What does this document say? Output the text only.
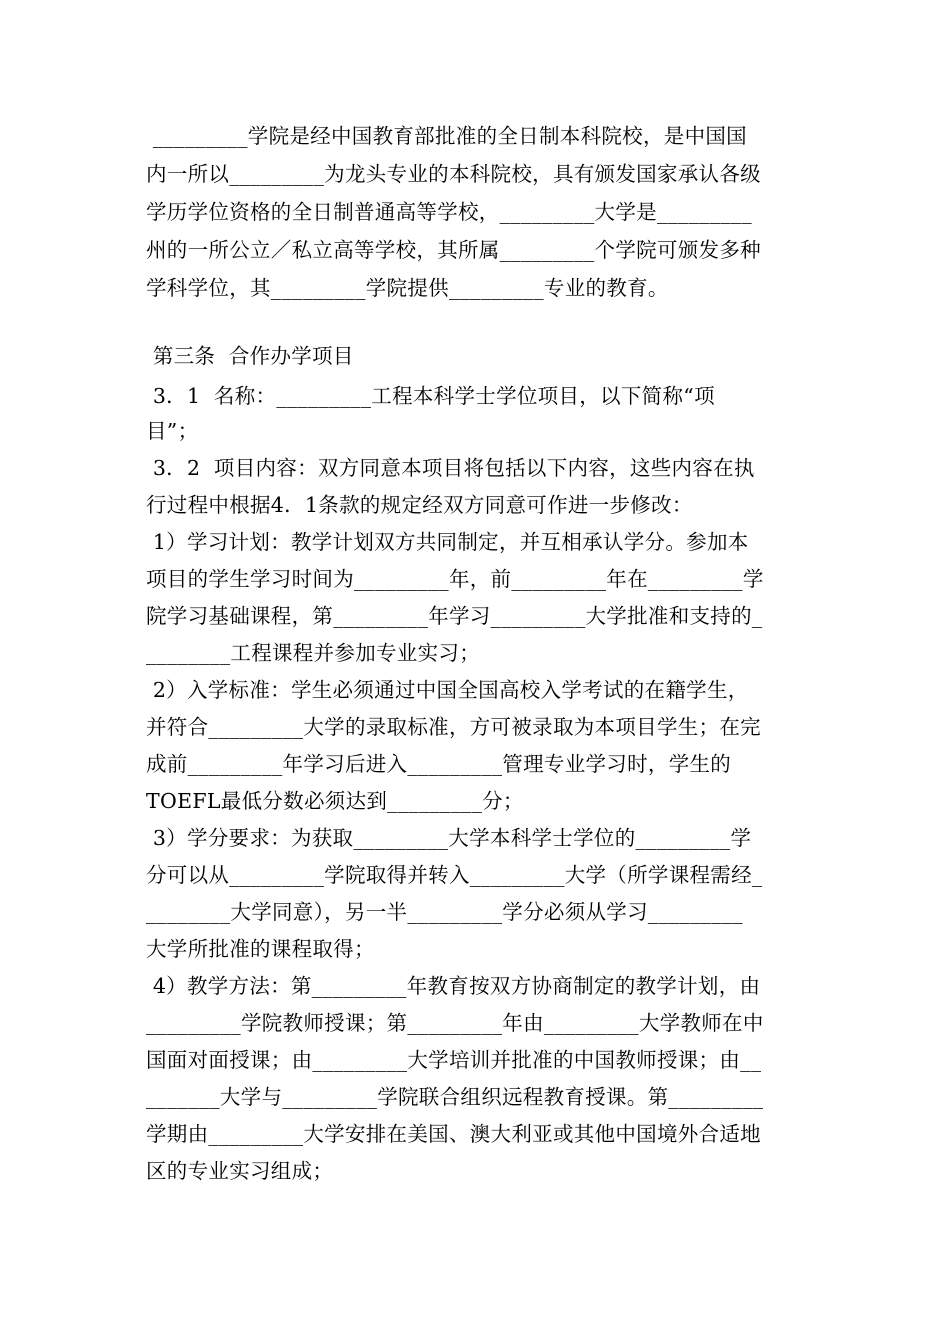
_________学院是经中国教育部批准的全日制本科院校，是中国国
内一所以_________为龙头专业的本科院校，具有颁发国家承认各级
学历学位资格的全日制普通高等学校，_________大学是_________
州的一所公立／私立高等学校，其所属_________个学院可颁发多种
学科学位，其_________学院提供_________专业的教育。
第三条  合作办学项目
3．1  名称：_________工程本科学士学位项目，以下简称“项
目”；
3．2  项目内容：双方同意本项目将包括以下内容，这些内容在执
行过程中根据4．1条款的规定经双方同意可作进一步修改：
1）学习计划：教学计划双方共同制定，并互相承认学分。参加本
项目的学生学习时间为_________年，前_________年在_________学
院学习基础课程，第_________年学习_________大学批准和支持的_
________工程课程并参加专业实习；
2）入学标准：学生必须通过中国全国高校入学考试的在籍学生，
并符合_________大学的录取标准，方可被录取为本项目学生；在完
成前_________年学习后进入_________管理专业学习时，学生的
TOEFL最低分数必须达到_________分；
3）学分要求：为获取_________大学本科学士学位的_________学
分可以从_________学院取得并转入_________大学（所学课程需经_
________大学同意），另一半_________学分必须从学习_________
大学所批准的课程取得；
4）教学方法：第_________年教育按双方协商制定的教学计划，由
_________学院教师授课；第_________年由_________大学教师在中
国面对面授课；由_________大学培训并批准的中国教师授课；由__
_______大学与_________学院联合组织远程教育授课。第_________
学期由_________大学安排在美国、澳大利亚或其他中国境外合适地
区的专业实习组成；
